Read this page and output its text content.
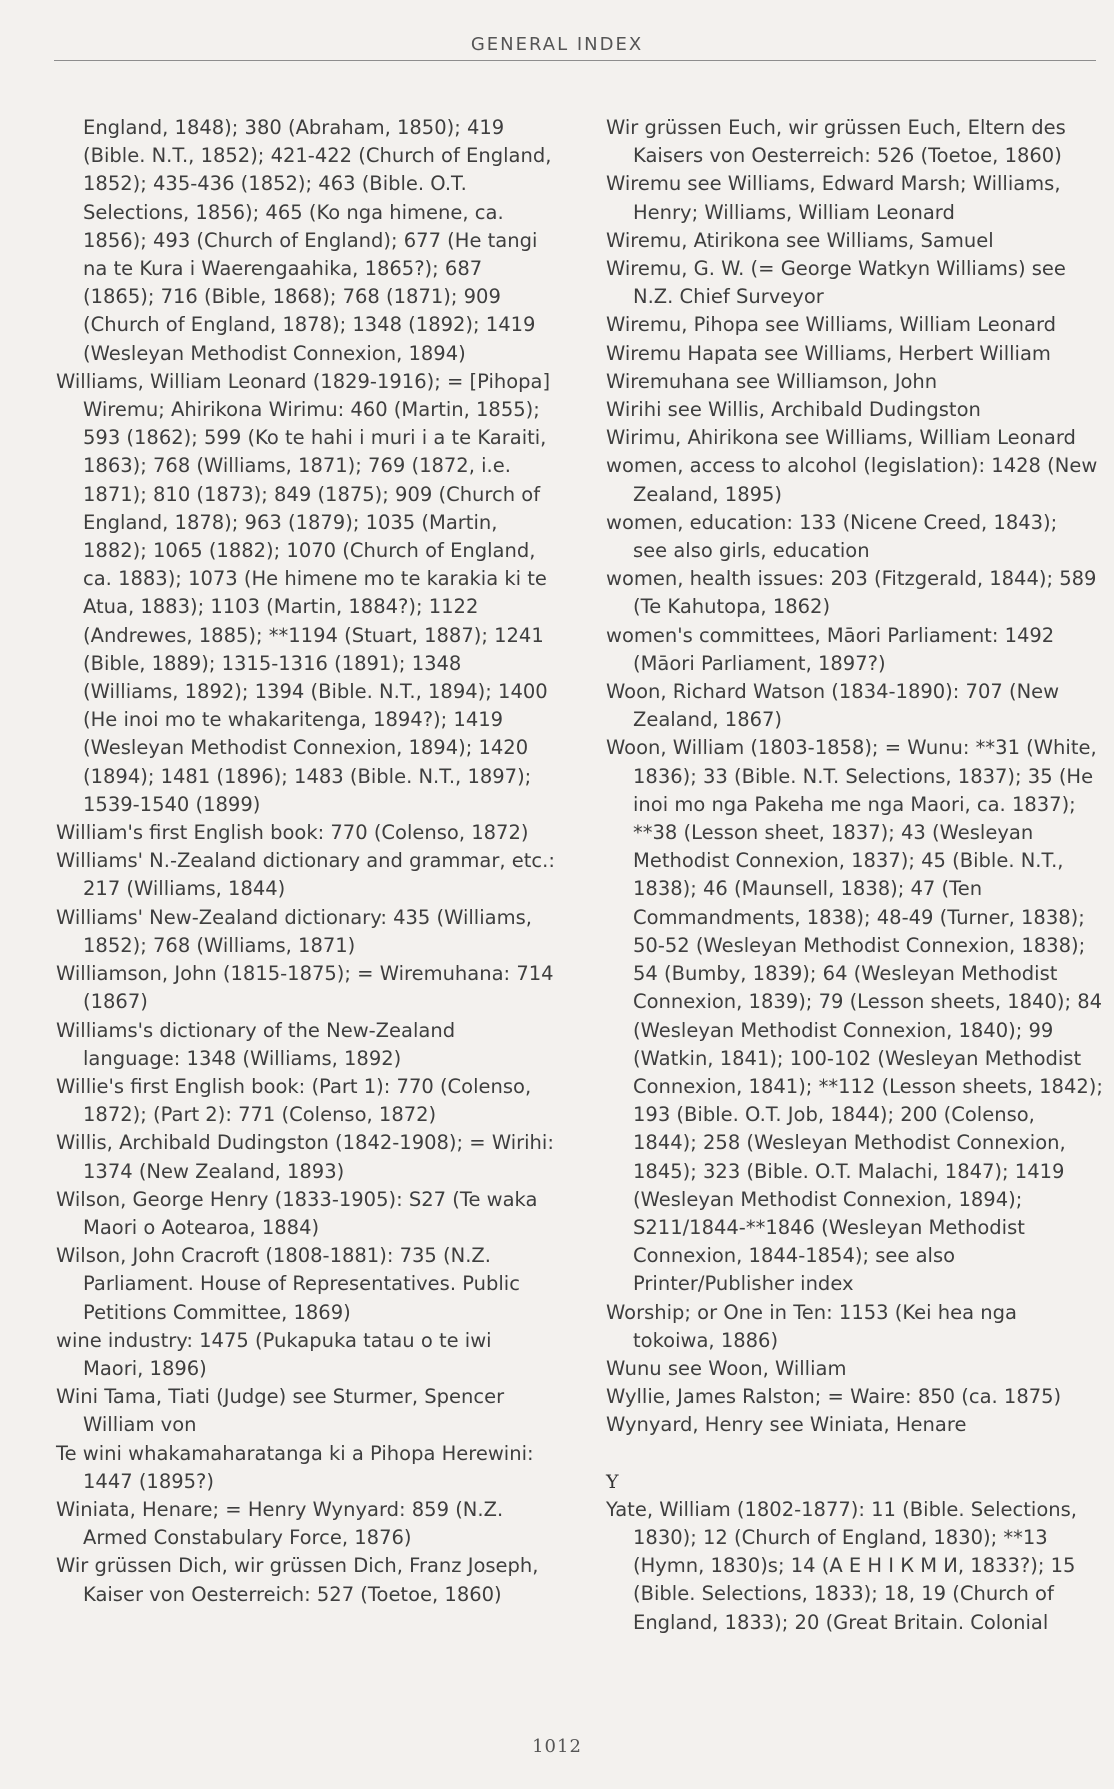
GENERAL INDEX

England, 1848); 380 (Abraham, 1850); 419 (Bible. N.T., 1852); 421-422 (Church of England, 1852); 435-436 (1852); 463 (Bible. O.T. Selections, 1856); 465 (Ko nga himene, ca. 1856); 493 (Church of England); 677 (He tangi na te Kura i Waerengaahika, 1865?); 687 (1865); 716 (Bible, 1868); 768 (1871); 909 (Church of England, 1878); 1348 (1892); 1419 (Wesleyan Methodist Connexion, 1894)

Williams, William Leonard (1829-1916); = [Pihopa] Wiremu; Ahirikona Wirimu: 460 (Martin, 1855); 593 (1862); 599 (Ko te hahi i muri i a te Karaiti, 1863); 768 (Williams, 1871); 769 (1872, i.e. 1871); 810 (1873); 849 (1875); 909 (Church of England, 1878); 963 (1879); 1035 (Martin, 1882); 1065 (1882); 1070 (Church of England, ca. 1883); 1073 (He himene mo te karakia ki te Atua, 1883); 1103 (Martin, 1884?); 1122 (Andrewes, 1885); **1194 (Stuart, 1887); 1241 (Bible, 1889); 1315-1316 (1891); 1348 (Williams, 1892); 1394 (Bible. N.T., 1894); 1400 (He inoi mo te whakaritenga, 1894?); 1419 (Wesleyan Methodist Connexion, 1894); 1420 (1894); 1481 (1896); 1483 (Bible. N.T., 1897); 1539-1540 (1899)

William's first English book: 770 (Colenso, 1872)

Williams' N.-Zealand dictionary and grammar, etc.: 217 (Williams, 1844)

Williams' New-Zealand dictionary: 435 (Williams, 1852); 768 (Williams, 1871)

Williamson, John (1815-1875); = Wiremuhana: 714 (1867)

Williams's dictionary of the New-Zealand language: 1348 (Williams, 1892)

Willie's first English book: (Part 1): 770 (Colenso, 1872); (Part 2): 771 (Colenso, 1872)

Willis, Archibald Dudingston (1842-1908); = Wirihi: 1374 (New Zealand, 1893)

Wilson, George Henry (1833-1905): S27 (Te waka Maori o Aotearoa, 1884)

Wilson, John Cracroft (1808-1881): 735 (N.Z. Parliament. House of Representatives. Public Petitions Committee, 1869)

wine industry: 1475 (Pukapuka tatau o te iwi Maori, 1896)

Wini Tama, Tiati (Judge) see Sturmer, Spencer William von

Te wini whakamaharatanga ki a Pihopa Herewini: 1447 (1895?)

Winiata, Henare; = Henry Wynyard: 859 (N.Z. Armed Constabulary Force, 1876)

Wir grüssen Dich, wir grüssen Dich, Franz Joseph, Kaiser von Oesterreich: 527 (Toetoe, 1860)

Wir grüssen Euch, wir grüssen Euch, Eltern des Kaisers von Oesterreich: 526 (Toetoe, 1860)

Wiremu see Williams, Edward Marsh; Williams, Henry; Williams, William Leonard

Wiremu, Atirikona see Williams, Samuel

Wiremu, G. W. (= George Watkyn Williams) see N.Z. Chief Surveyor

Wiremu, Pihopa see Williams, William Leonard

Wiremu Hapata see Williams, Herbert William

Wiremuhana see Williamson, John

Wirihi see Willis, Archibald Dudingston

Wirimu, Ahirikona see Williams, William Leonard

women, access to alcohol (legislation): 1428 (New Zealand, 1895)

women, education: 133 (Nicene Creed, 1843);

see also girls, education

women, health issues: 203 (Fitzgerald, 1844); 589 (Te Kahutopa, 1862)

women's committees, Māori Parliament: 1492 (Māori Parliament, 1897?)

Woon, Richard Watson (1834-1890): 707 (New Zealand, 1867)

Woon, William (1803-1858); = Wunu: **31 (White, 1836); 33 (Bible. N.T. Selections, 1837); 35 (He inoi mo nga Pakeha me nga Maori, ca. 1837); **38 (Lesson sheet, 1837); 43 (Wesleyan Methodist Connexion, 1837); 45 (Bible. N.T., 1838); 46 (Maunsell, 1838); 47 (Ten Commandments, 1838); 48-49 (Turner, 1838); 50-52 (Wesleyan Methodist Connexion, 1838); 54 (Bumby, 1839); 64 (Wesleyan Methodist Connexion, 1839); 79 (Lesson sheets, 1840); 84 (Wesleyan Methodist Connexion, 1840); 99 (Watkin, 1841); 100-102 (Wesleyan Methodist Connexion, 1841); **112 (Lesson sheets, 1842); 193 (Bible. O.T. Job, 1844); 200 (Colenso, 1844); 258 (Wesleyan Methodist Connexion, 1845); 323 (Bible. O.T. Malachi, 1847); 1419 (Wesleyan Methodist Connexion, 1894); S211/1844-**1846 (Wesleyan Methodist Connexion, 1844-1854); see also Printer/Publisher index

Worship; or One in Ten: 1153 (Kei hea nga tokoiwa, 1886)

Wunu see Woon, William

Wyllie, James Ralston; = Waire: 850 (ca. 1875)

Wynyard, Henry see Winiata, Henare

Y

Yate, William (1802-1877): 11 (Bible. Selections, 1830); 12 (Church of England, 1830); **13 (Hymn, 1830)s; 14 (А Е Н І К М И, 1833?); 15 (Bible. Selections, 1833); 18, 19 (Church of England, 1833); 20 (Great Britain. Colonial

1012
